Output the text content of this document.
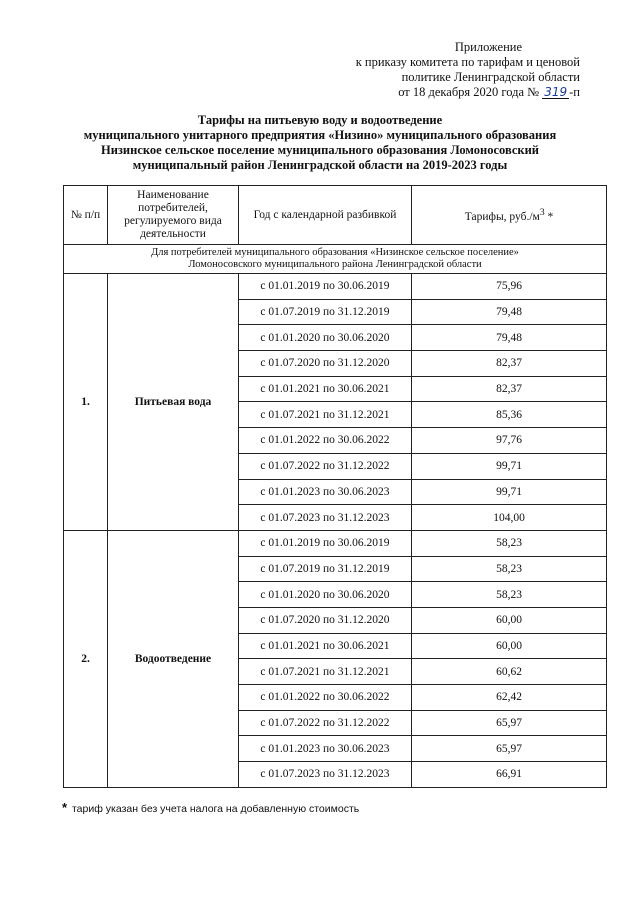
Приложение
к приказу комитета по тарифам и ценовой
политике Ленинградской области
от 18 декабря 2020 года № 319 -п
Тарифы на питьевую воду и водоотведение
муниципального унитарного предприятия «Низино» муниципального образования
Низинское сельское поселение муниципального образования Ломоносовский
муниципальный район Ленинградской области на 2019-2023 годы
№ п/п	Наименование потребителей, регулируемого вида деятельности	Год с календарной разбивкой	Тарифы, $руб./м^3$ *

Для потребителей муниципального образования «Низинское сельское поселение»
Ломоносовского муниципального района Ленинградской области			

1.	Питьевая вода	с 01.01.2019 по 30.06.2019	75,96
		с 01.07.2019 по 31.12.2019	79,48
		с 01.01.2020 по 30.06.2020	79,48
		с 01.07.2020 по 31.12.2020	82,37
		с 01.01.2021 по 30.06.2021	82,37
		с 01.07.2021 по 31.12.2021	85,36
		с 01.01.2022 по 30.06.2022	97,76
		с 01.07.2022 по 31.12.2022	99,71
		с 01.01.2023 по 30.06.2023	99,71
		с 01.07.2023 по 31.12.2023	104,00
2.	Водоотведение	с 01.01.2019 по 30.06.2019	58,23
		с 01.07.2019 по 31.12.2019	58,23
		с 01.01.2020 по 30.06.2020	58,23
		с 01.07.2020 по 31.12.2020	60,00
		с 01.01.2021 по 30.06.2021	60,00
		с 01.07.2021 по 31.12.2021	60,62
		с 01.01.2022 по 30.06.2022	62,42
		с 01.07.2022 по 31.12.2022	65,97
		с 01.01.2023 по 30.06.2023	65,97
		с 01.07.2023 по 31.12.2023	66,91
* тариф указан без учета налога на добавленную стоимость
